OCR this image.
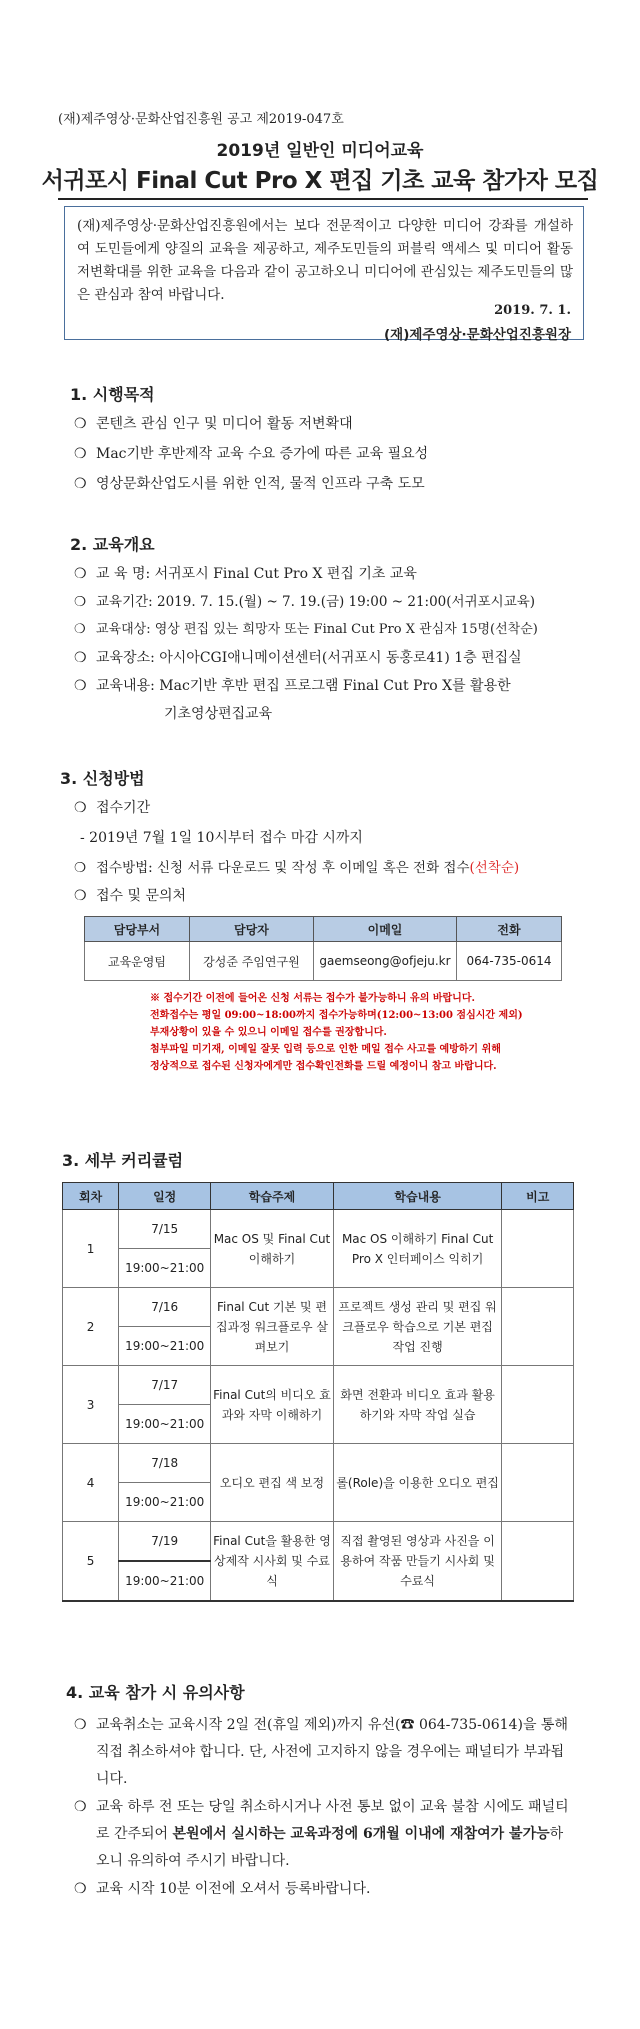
(재)제주영상·문화산업진흥원 공고 제2019-047호
2019년 일반인 미디어교육
서귀포시 Final Cut Pro X 편집 기초 교육 참가자 모집
(재)제주영상·문화산업진흥원에서는 보다 전문적이고 다양한 미디어 강좌를 개설하여 도민들에게 양질의 교육을 제공하고, 제주도민들의 퍼블릭 액세스 및 미디어 활동 저변확대를 위한 교육을 다음과 같이 공고하오니 미디어에 관심있는 제주도민들의 많은 관심과 참여 바랍니다.
2019. 7. 1.
(재)제주영상·문화산업진흥원장
1. 시행목적
❍ 콘텐츠 관심 인구 및 미디어 활동 저변확대
❍ Mac기반 후반제작 교육 수요 증가에 따른 교육 필요성
❍ 영상문화산업도시를 위한 인적, 물적 인프라 구축 도모
2. 교육개요
❍ 교 육 명: 서귀포시 Final Cut Pro X 편집 기초 교육
❍ 교육기간: 2019. 7. 15.(월) ~ 7. 19.(금) 19:00 ~ 21:00(서귀포시교육)
❍ 교육대상: 영상 편집 있는 희망자 또는 Final Cut Pro X 관심자 15명(선착순)
❍ 교육장소: 아시아CGI애니메이션센터(서귀포시 동홍로41) 1층 편집실
❍ 교육내용: Mac기반 후반 편집 프로그램 Final Cut Pro X를 활용한
기초영상편집교육
3. 신청방법
❍ 접수기간
- 2019년 7월 1일 10시부터 접수 마감 시까지
❍ 접수방법: 신청 서류 다운로드 및 작성 후 이메일 혹은 전화 접수(선착순)
❍ 접수 및 문의처
담당부서	담당자	이메일	전화
교육운영팀	강성준 주임연구원	gaemseong@ofjeju.kr	064-735-0614
※ 접수기간 이전에 들어온 신청 서류는 접수가 불가능하니 유의 바랍니다.
전화접수는 평일 09:00~18:00까지 접수가능하며(12:00~13:00 점심시간 제외)
부재상황이 있을 수 있으니 이메일 접수를 권장합니다.
첨부파일 미기재, 이메일 잘못 입력 등으로 인한 메일 접수 사고를 예방하기 위해
정상적으로 접수된 신청자에게만 접수확인전화를 드릴 예정이니 참고 바랍니다.
3. 세부 커리큘럼
회차	일정	학습주제	학습내용	비고
1	7/15	Mac OS 및 Final Cut 이해하기	Mac OS 이해하기 Final Cut Pro X 인터페이스 익히기	
	19:00~21:00			
2	7/16	Final Cut 기본 및 편집과정 워크플로우 살펴보기	프로젝트 생성 관리 및 편집 워크플로우 학습으로 기본 편집 작업 진행	
	19:00~21:00			
3	7/17	Final Cut의 비디오 효과와 자막 이해하기	화면 전환과 비디오 효과 활용하기와 자막 작업 실습	
	19:00~21:00			
4	7/18	오디오 편집 색 보정	롤(Role)을 이용한 오디오 편집	
	19:00~21:00			
5	7/19	Final Cut을 활용한 영상제작 시사회 및 수료식	직접 촬영된 영상과 사진을 이용하여 작품 만들기 시사회 및 수료식	
	19:00~21:00			
4. 교육 참가 시 유의사항
❍ 교육취소는 교육시작 2일 전(휴일 제외)까지 유선(☎ 064-735-0614)을 통해 직접 취소하셔야 합니다. 단, 사전에 고지하지 않을 경우에는 패널티가 부과됩니다.
❍ 교육 하루 전 또는 당일 취소하시거나 사전 통보 없이 교육 불참 시에도 패널티로 간주되어 본원에서 실시하는 교육과정에 6개월 이내에 재참여가 불가능하오니 유의하여 주시기 바랍니다.
❍ 교육 시작 10분 이전에 오셔서 등록바랍니다.
